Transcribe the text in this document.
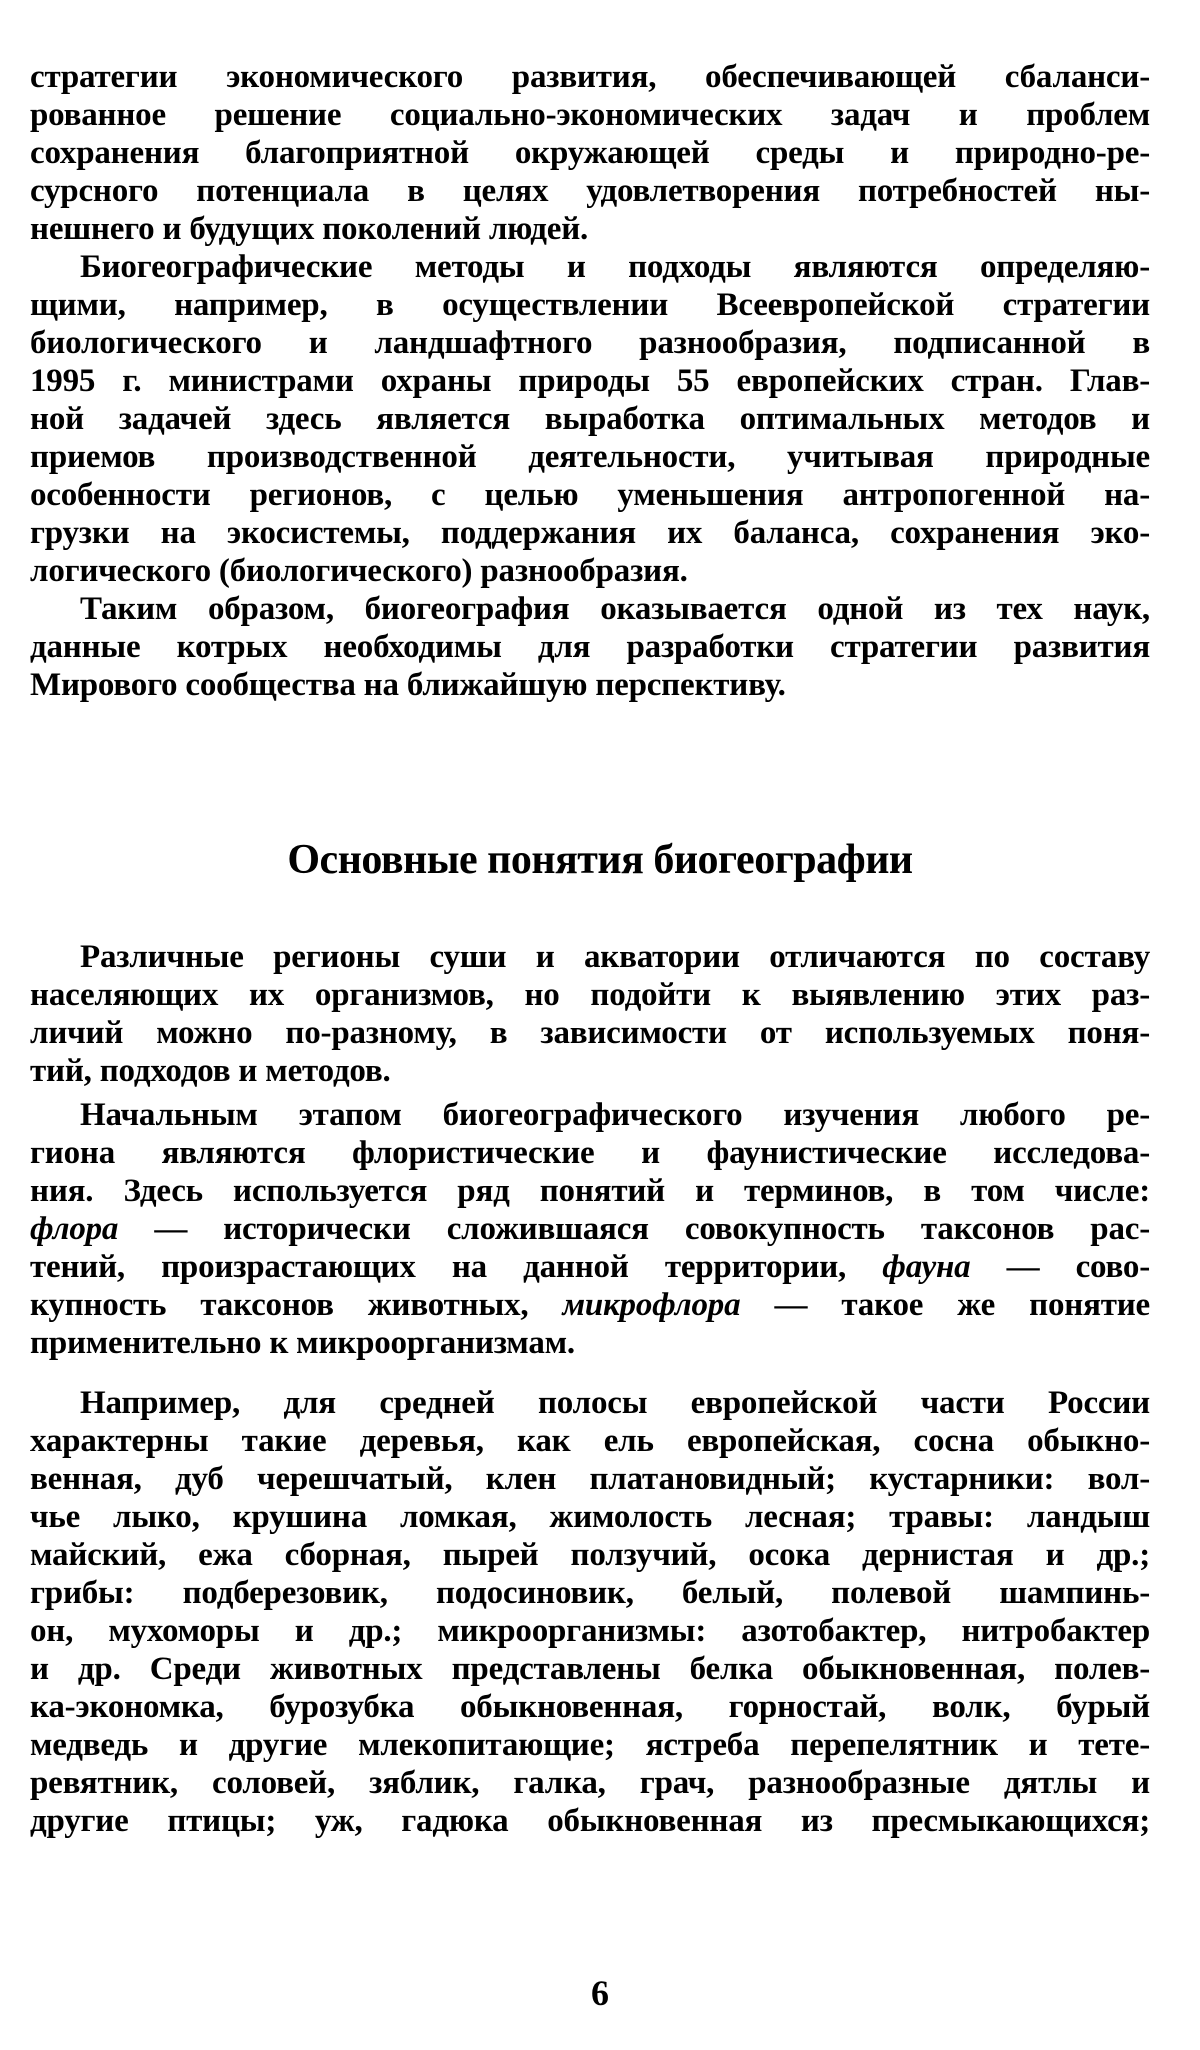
стратегии экономического развития, обеспечивающей сбаланси-
рованное решение социально-экономических задач и проблем
сохранения благоприятной окружающей среды и природно-ре-
сурсного потенциала в целях удовлетворения потребностей ны-
нешнего и будущих поколений людей.
Биогеографические методы и подходы являются определяю-
щими, например, в осуществлении Всеевропейской стратегии
биологического и ландшафтного разнообразия, подписанной в
1995 г. министрами охраны природы 55 европейских стран. Глав-
ной задачей здесь является выработка оптимальных методов и
приемов производственной деятельности, учитывая природные
особенности регионов, с целью уменьшения антропогенной на-
грузки на экосистемы, поддержания их баланса, сохранения эко-
логического (биологического) разнообразия.
Таким образом, биогеография оказывается одной из тех наук,
данные котрых необходимы для разработки стратегии развития
Мирового сообщества на ближайшую перспективу.
Основные понятия биогеографии
Различные регионы суши и акватории отличаются по составу
населяющих их организмов, но подойти к выявлению этих раз-
личий можно по-разному, в зависимости от используемых поня-
тий, подходов и методов.
Начальным этапом биогеографического изучения любого ре-
гиона являются флористические и фаунистические исследова-
ния. Здесь используется ряд понятий и терминов, в том числе:
флора — исторически сложившаяся совокупность таксонов рас-
тений, произрастающих на данной территории, фауна — сово-
купность таксонов животных, микрофлора — такое же понятие
применительно к микроорганизмам.
Например, для средней полосы европейской части России
характерны такие деревья, как ель европейская, сосна обыкно-
венная, дуб черешчатый, клен платановидный; кустарники: вол-
чье лыко, крушина ломкая, жимолость лесная; травы: ландыш
майский, ежа сборная, пырей ползучий, осока дернистая и др.;
грибы: подберезовик, подосиновик, белый, полевой шампинь-
он, мухоморы и др.; микроорганизмы: азотобактер, нитробактер
и др. Среди животных представлены белка обыкновенная, полев-
ка-экономка, бурозубка обыкновенная, горностай, волк, бурый
медведь и другие млекопитающие; ястреба перепелятник и тете-
ревятник, соловей, зяблик, галка, грач, разнообразные дятлы и
другие птицы; уж, гадюка обыкновенная из пресмыкающихся;
6
